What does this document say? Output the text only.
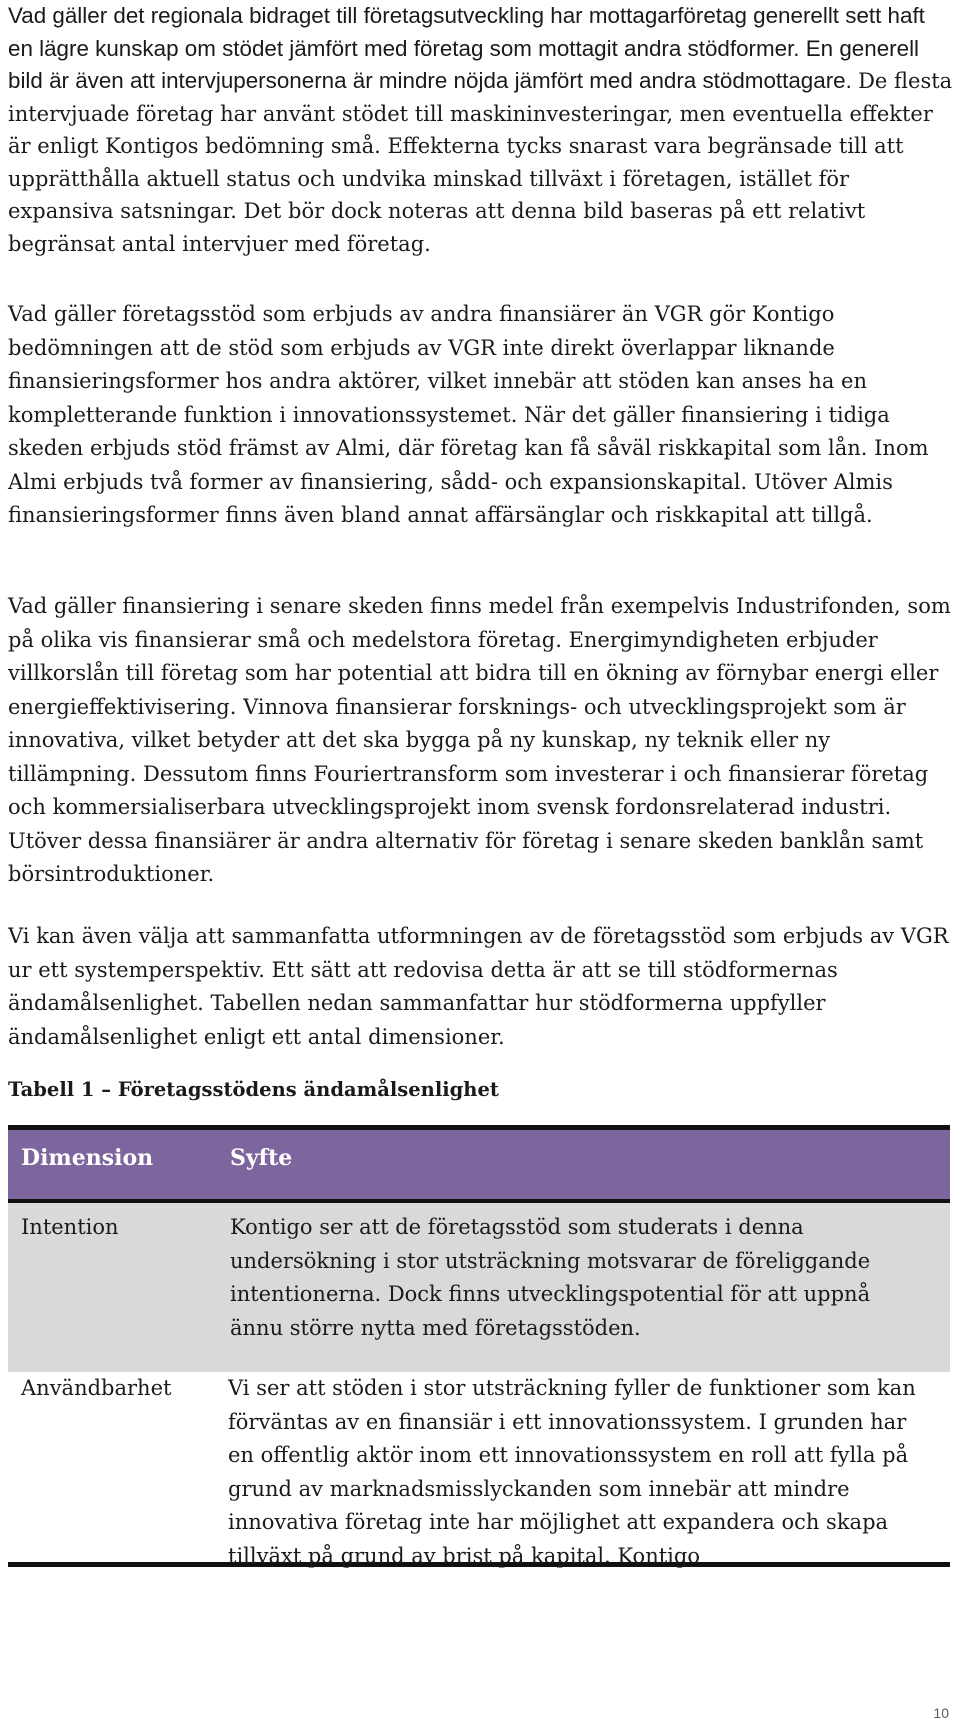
Vad gäller det regionala bidraget till företagsutveckling har mottagarföretag generellt sett haft en lägre kunskap om stödet jämfört med företag som mottagit andra stödformer. En generell bild är även att intervjupersonerna är mindre nöjda jämfört med andra stödmottagare. De flesta intervjuade företag har använt stödet till maskininvesteringar, men eventuella effekter är enligt Kontigos bedömning små. Effekterna tycks snarast vara begränsade till att upprätthålla aktuell status och undvika minskad tillväxt i företagen, istället för expansiva satsningar. Det bör dock noteras att denna bild baseras på ett relativt begränsat antal intervjuer med företag.

Vad gäller företagsstöd som erbjuds av andra finansiärer än VGR gör Kontigo bedömningen att de stöd som erbjuds av VGR inte direkt överlappar liknande finansieringsformer hos andra aktörer, vilket innebär att stöden kan anses ha en kompletterande funktion i innovationssystemet. När det gäller finansiering i tidiga skeden erbjuds stöd främst av Almi, där företag kan få såväl riskkapital som lån. Inom Almi erbjuds två former av finansiering, sådd- och expansionskapital. Utöver Almis finansieringsformer finns även bland annat affärsänglar och riskkapital att tillgå.

Vad gäller finansiering i senare skeden finns medel från exempelvis Industrifonden, som på olika vis finansierar små och medelstora företag. Energimyndigheten erbjuder villkorslån till företag som har potential att bidra till en ökning av förnybar energi eller energieffektivisering. Vinnova finansierar forsknings- och utvecklingsprojekt som är innovativa, vilket betyder att det ska bygga på ny kunskap, ny teknik eller ny tillämpning. Dessutom finns Fouriertransform som investerar i och finansierar företag och kommersialiserbara utvecklingsprojekt inom svensk fordonsrelaterad industri. Utöver dessa finansiärer är andra alternativ för företag i senare skeden banklån samt börsintroduktioner.

Vi kan även välja att sammanfatta utformningen av de företagsstöd som erbjuds av VGR ur ett systemperspektiv. Ett sätt att redovisa detta är att se till stödformernas ändamålsenlighet. Tabellen nedan sammanfattar hur stödformerna uppfyller ändamålsenlighet enligt ett antal dimensioner.

Tabell 1 – Företagsstödens ändamålsenlighet

Dimension	Syfte
Intention	Kontigo ser att de företagsstöd som studerats i denna undersökning i stor utsträckning motsvarar de föreliggande intentionerna. Dock finns utvecklingspotential för att uppnå ännu större nytta med företagsstöden.
Användbarhet	Vi ser att stöden i stor utsträckning fyller de funktioner som kan förväntas av en finansiär i ett innovationssystem. I grunden har en offentlig aktör inom ett innovationssystem en roll att fylla på grund av marknadsmisslyckanden som innebär att mindre innovativa företag inte har möjlighet att expandera och skapa tillväxt på grund av brist på kapital. Kontigo
10
